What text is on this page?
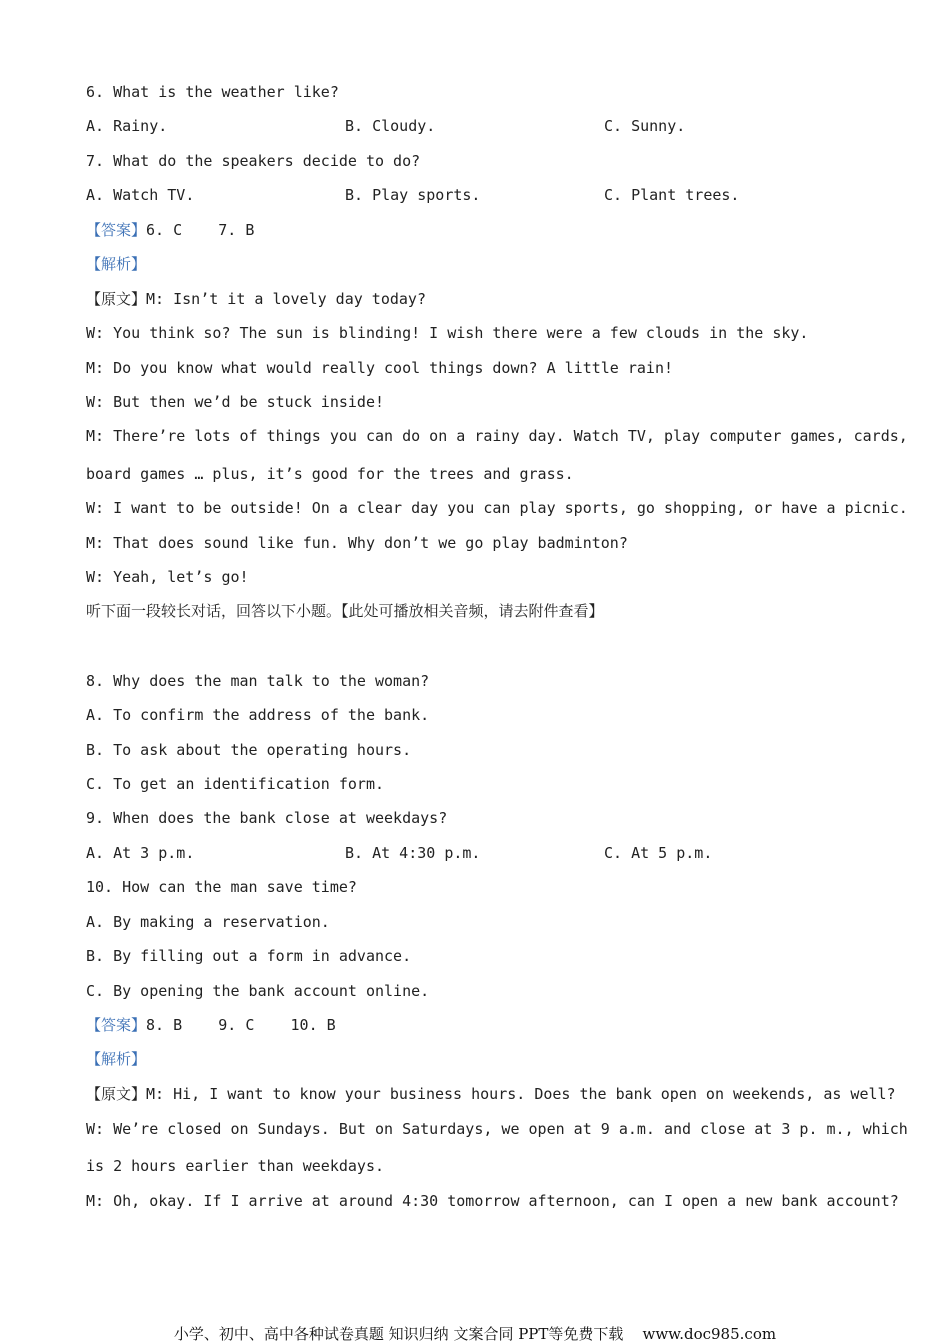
6. What is the weather like?
A. Rainy.	B. Cloudy.	C. Sunny.
7. What do the speakers decide to do?
A. Watch TV.	B. Play sports.	C. Plant trees.
【答案】6. C    7. B
【解析】
【原文】M: Isn’t it a lovely day today?
W: You think so? The sun is blinding! I wish there were a few clouds in the sky.
M: Do you know what would really cool things down? A little rain!
W: But then we’d be stuck inside!
M: There’re lots of things you can do on a rainy day. Watch TV, play computer games, cards,
board games … plus, it’s good for the trees and grass.
W: I want to be outside! On a clear day you can play sports, go shopping, or have a picnic.
M: That does sound like fun. Why don’t we go play badminton?
W: Yeah, let’s go!
听下面一段较长对话，回答以下小题。【此处可播放相关音频，请去附件查看】
8. Why does the man talk to the woman?
A. To confirm the address of the bank.
B. To ask about the operating hours.
C. To get an identification form.
9. When does the bank close at weekdays?
A. At 3 p.m.	B. At 4:30 p.m.	C. At 5 p.m.
10. How can the man save time?
A. By making a reservation.
B. By filling out a form in advance.
C. By opening the bank account online.
【答案】8. B    9. C    10. B
【解析】
【原文】M: Hi, I want to know your business hours. Does the bank open on weekends, as well?
W: We’re closed on Sundays. But on Saturdays, we open at 9 a.m. and close at 3 p. m., which
is 2 hours earlier than weekdays.
M: Oh, okay. If I arrive at around 4:30 tomorrow afternoon, can I open a new bank account?
小学、初中、高中各种试卷真题 知识归纳 文案合同 PPT等免费下载    www.doc985.com
